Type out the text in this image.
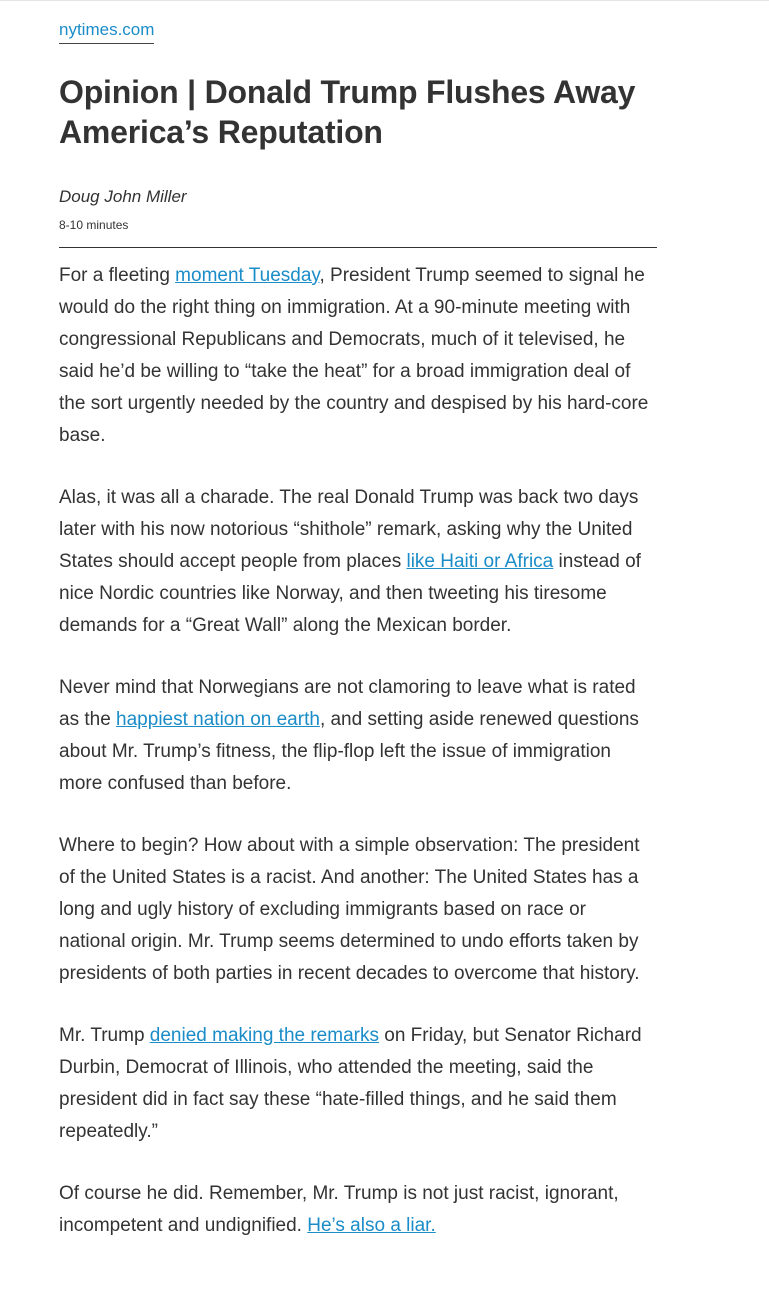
nytimes.com
Opinion | Donald Trump Flushes Away America’s Reputation
Doug John Miller
8-10 minutes

For a fleeting moment Tuesday, President Trump seemed to signal he would do the right thing on immigration. At a 90-minute meeting with congressional Republicans and Democrats, much of it televised, he said he’d be willing to “take the heat” for a broad immigration deal of the sort urgently needed by the country and despised by his hard-core base.

Alas, it was all a charade. The real Donald Trump was back two days later with his now notorious “shithole” remark, asking why the United States should accept people from places like Haiti or Africa instead of nice Nordic countries like Norway, and then tweeting his tiresome demands for a “Great Wall” along the Mexican border.

Never mind that Norwegians are not clamoring to leave what is rated as the happiest nation on earth, and setting aside renewed questions about Mr. Trump’s fitness, the flip-flop left the issue of immigration more confused than before.

Where to begin? How about with a simple observation: The president of the United States is a racist. And another: The United States has a long and ugly history of excluding immigrants based on race or national origin. Mr. Trump seems determined to undo efforts taken by presidents of both parties in recent decades to overcome that history.

Mr. Trump denied making the remarks on Friday, but Senator Richard Durbin, Democrat of Illinois, who attended the meeting, said the president did in fact say these “hate-filled things, and he said them repeatedly.”

Of course he did. Remember, Mr. Trump is not just racist, ignorant, incompetent and undignified. He’s also a liar.
